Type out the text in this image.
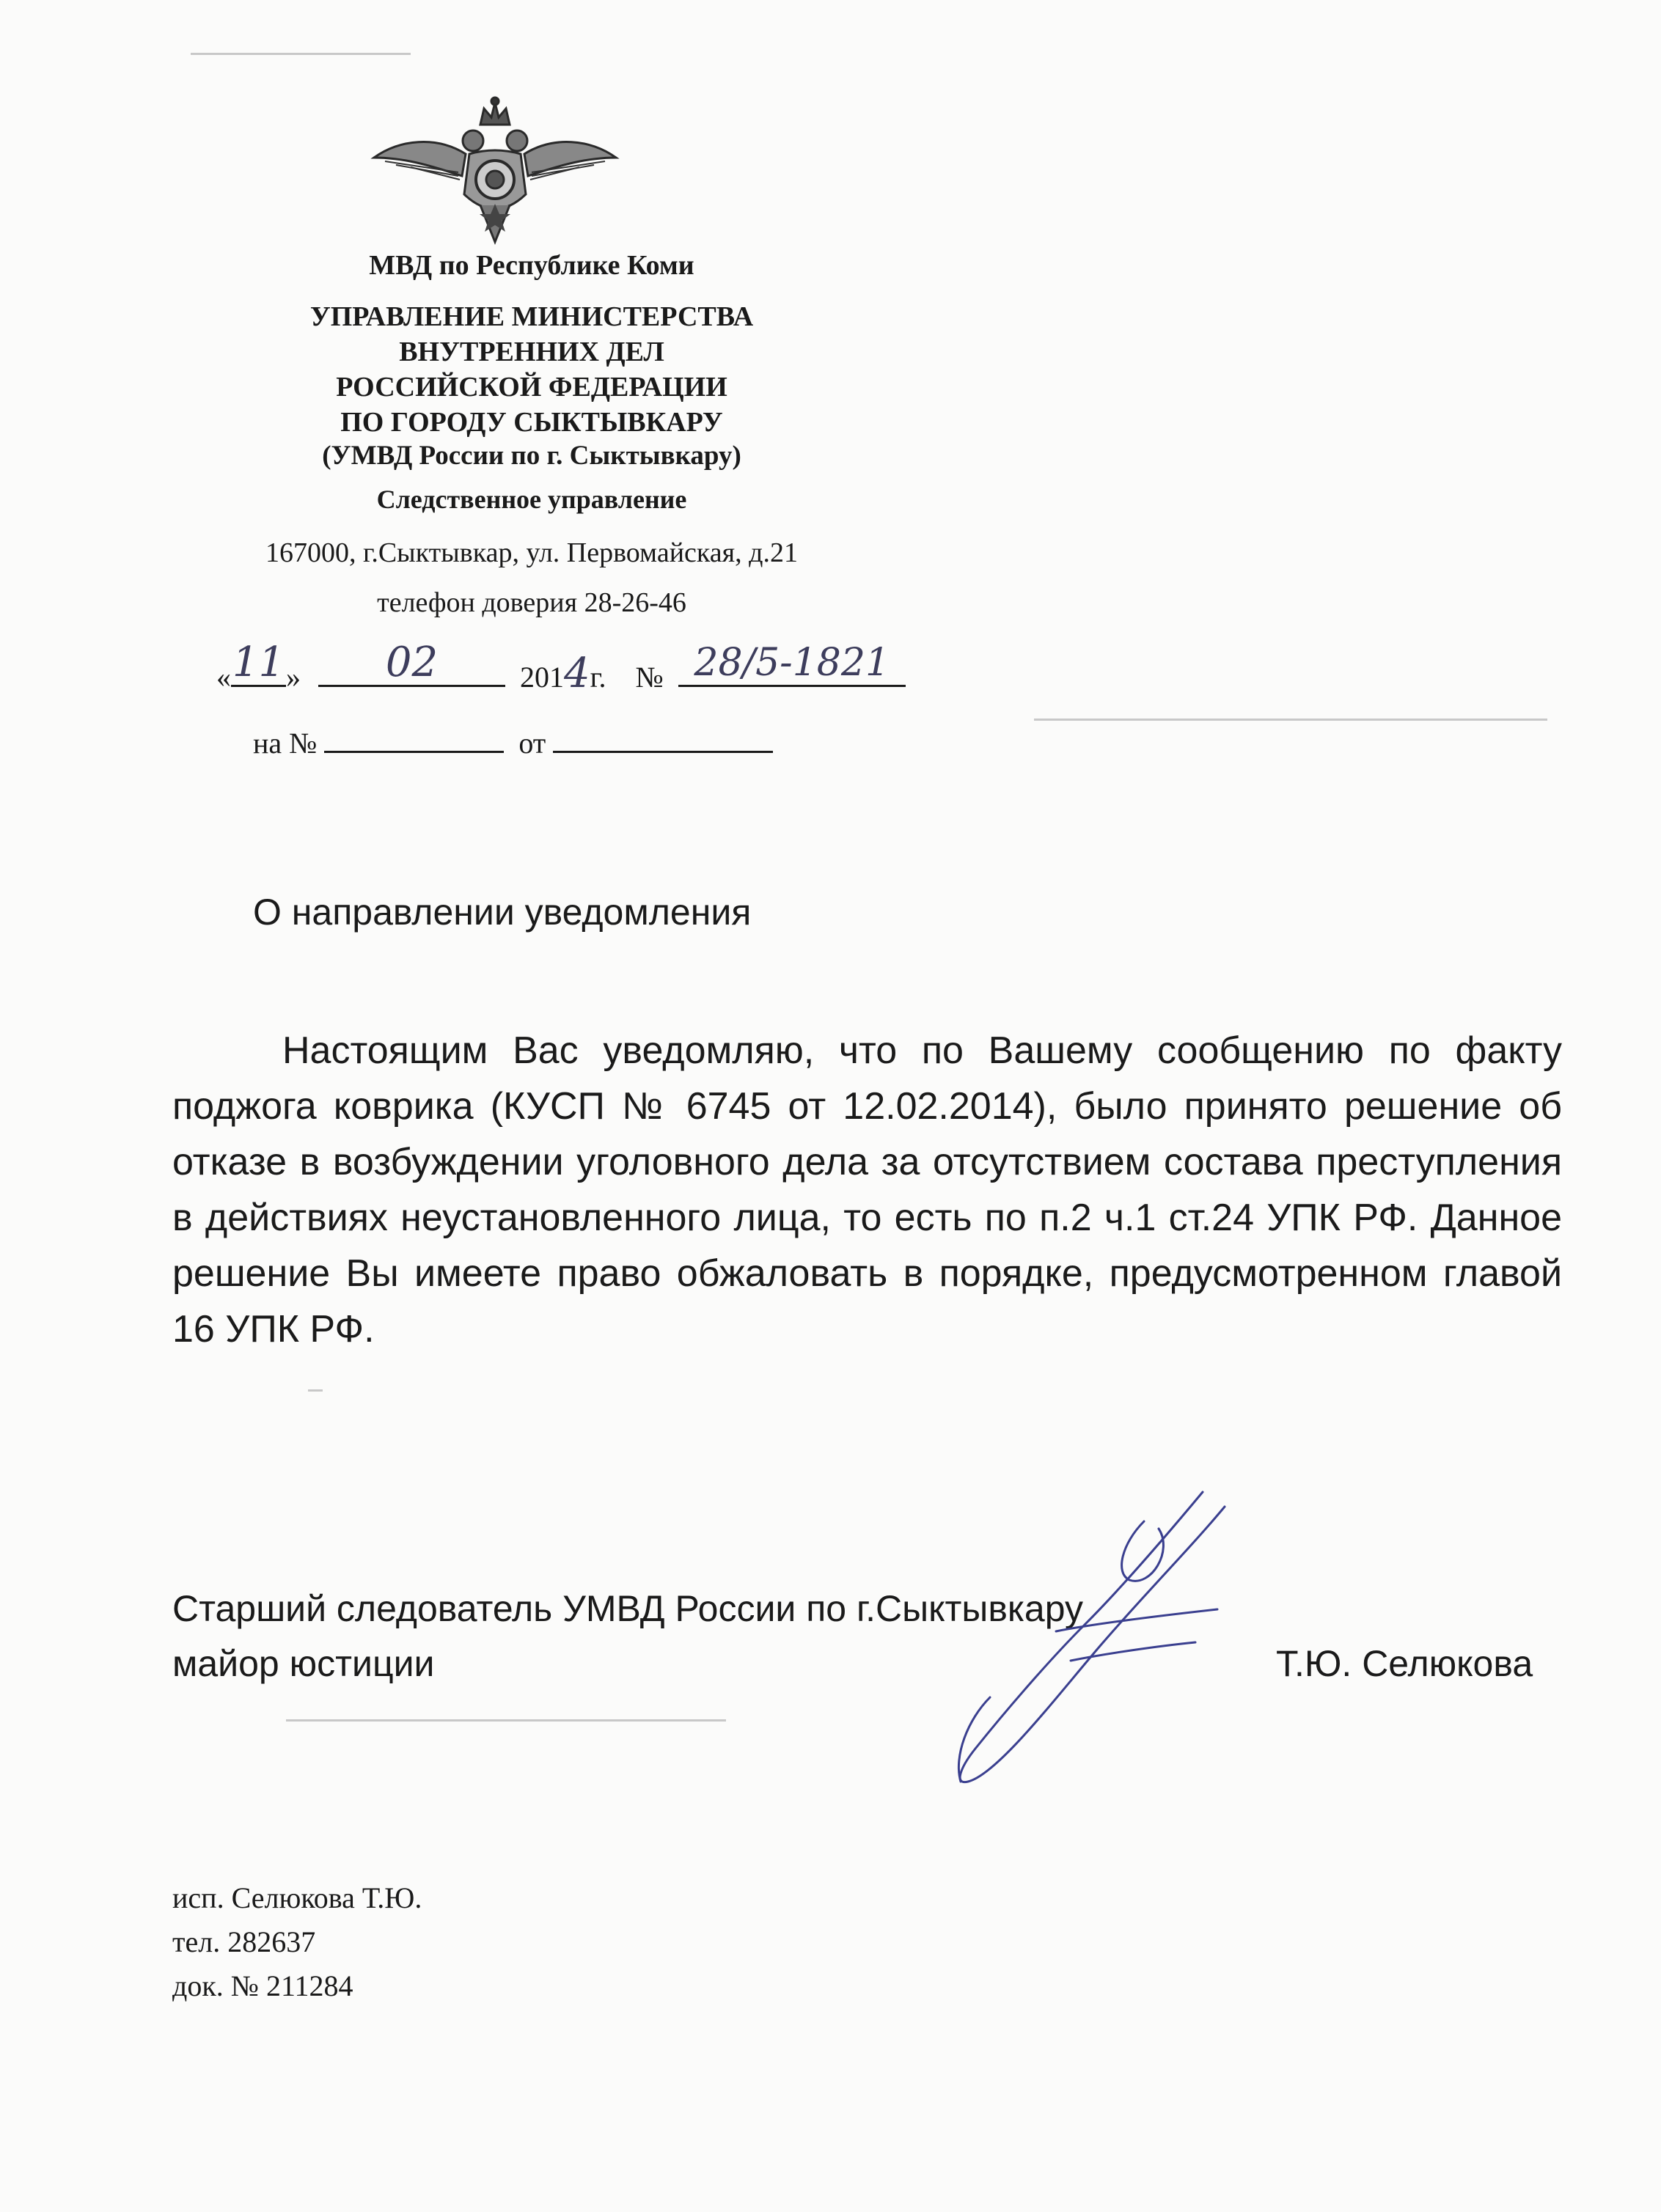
МВД по Республике Коми
УПРАВЛЕНИЕ МИНИСТЕРСТВА
ВНУТРЕННИХ ДЕЛ
РОССИЙСКОЙ ФЕДЕРАЦИИ
ПО ГОРОДУ СЫКТЫВКАРУ
(УМВД России по г. Сыктывкару)
Следственное управление
167000, г.Сыктывкар, ул. Первомайская, д.21
телефон доверия 28-26-46
« 11 »	02	2014г. № 28/5-1821
на №	от
О направлении уведомления
Настоящим Вас уведомляю, что по Вашему сообщению по факту поджога коврика (КУСП № 6745 от 12.02.2014), было принято решение об отказе в возбуждении уголовного дела за отсутствием состава преступления в действиях неустановленного лица, то есть по п.2 ч.1 ст.24 УПК РФ. Данное решение Вы имеете право обжаловать в порядке, предусмотренном главой 16 УПК РФ.
Старший следователь УМВД России по г.Сыктывкару
майор юстиции	Т.Ю. Селюкова
исп. Селюкова Т.Ю.
тел. 282637
док. № 211284
